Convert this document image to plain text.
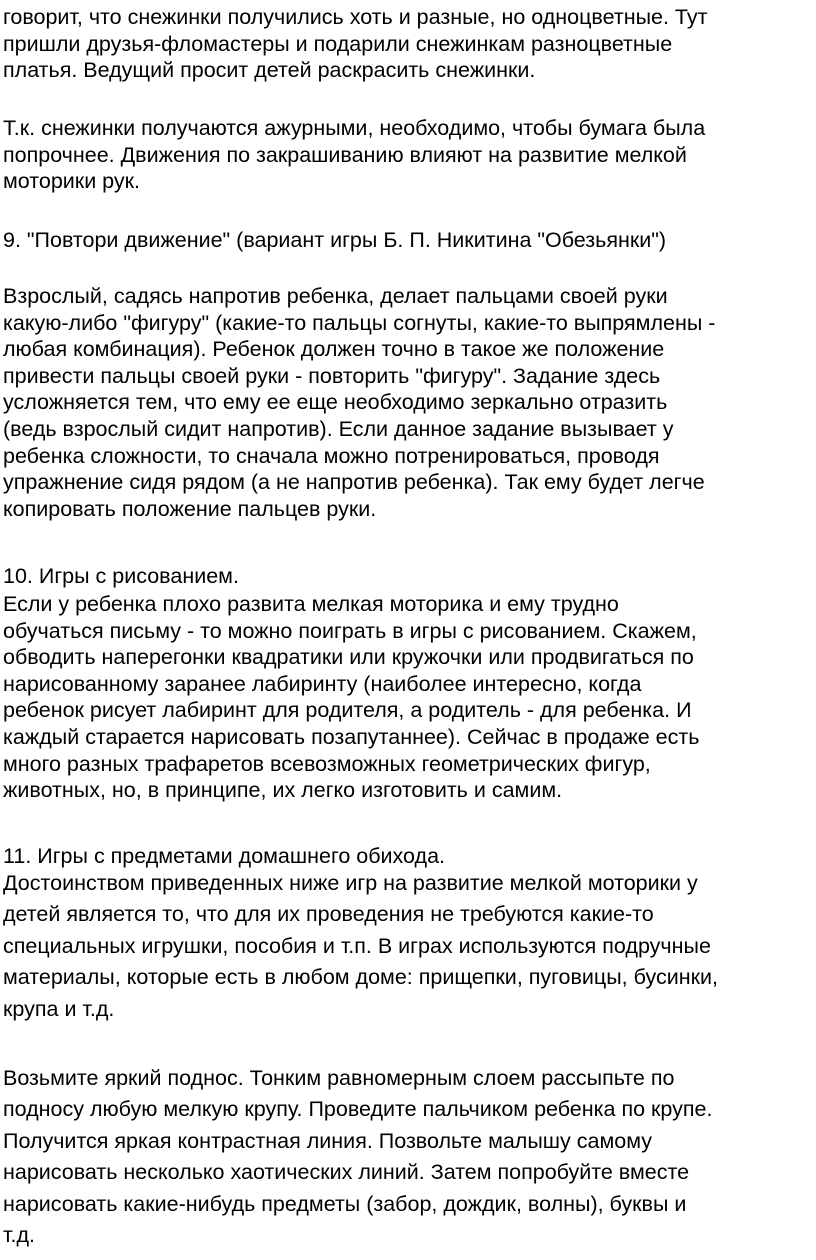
говорит, что снежинки получились хоть и разные, но одноцветные. Тут
пришли друзья-фломастеры и подарили снежинкам разноцветные
платья. Ведущий просит детей раскрасить снежинки.
Т.к. снежинки получаются ажурными, необходимо, чтобы бумага была
попрочнее. Движения по закрашиванию влияют на развитие мелкой
моторики рук.
9. "Повтори движение" (вариант игры Б. П. Никитина "Обезьянки")
Взрослый, садясь напротив ребенка, делает пальцами своей руки
какую-либо "фигуру" (какие-то пальцы согнуты, какие-то выпрямлены -
любая комбинация). Ребенок должен точно в такое же положение
привести пальцы своей руки - повторить "фигуру". Задание здесь
усложняется тем, что ему ее еще необходимо зеркально отразить
(ведь взрослый сидит напротив). Если данное задание вызывает у
ребенка сложности, то сначала можно потренироваться, проводя
упражнение сидя рядом (а не напротив ребенка). Так ему будет легче
копировать положение пальцев руки.
10. Игры с рисованием.
Если у ребенка плохо развита мелкая моторика и ему трудно
обучаться письму - то можно поиграть в игры с рисованием. Скажем,
обводить наперегонки квадратики или кружочки или продвигаться по
нарисованному заранее лабиринту (наиболее интересно, когда
ребенок рисует лабиринт для родителя, а родитель - для ребенка. И
каждый старается нарисовать позапутаннее). Сейчас в продаже есть
много разных трафаретов всевозможных геометрических фигур,
животных, но, в принципе, их легко изготовить и самим.
11. Игры с предметами домашнего обихода.
Достоинством приведенных ниже игр на развитие мелкой моторики у
детей является то, что для их проведения не требуются какие-то
специальных игрушки, пособия и т.п. В играх используются подручные
материалы, которые есть в любом доме: прищепки, пуговицы, бусинки,
крупа и т.д.
Возьмите яркий поднос. Тонким равномерным слоем рассыпьте по
подносу любую мелкую крупу. Проведите пальчиком ребенка по крупе.
Получится яркая контрастная линия. Позвольте малышу самому
нарисовать несколько хаотических линий. Затем попробуйте вместе
нарисовать какие-нибудь предметы (забор, дождик, волны), буквы и
т.д.
